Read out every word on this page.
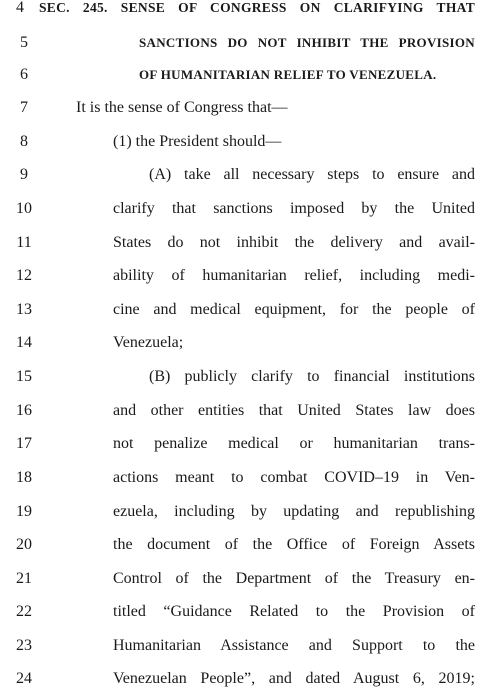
4 SEC. 245. SENSE OF CONGRESS ON CLARIFYING THAT
5	SANCTIONS DO NOT INHIBIT THE PROVISION
6	OF HUMANITARIAN RELIEF TO VENEZUELA.
7	It is the sense of Congress that—
8	(1) the President should—
9	(A) take all necessary steps to ensure and
10	clarify that sanctions imposed by the United
11	States do not inhibit the delivery and avail-
12	ability of humanitarian relief, including medi-
13	cine and medical equipment, for the people of
14	Venezuela;
15	(B) publicly clarify to financial institutions
16	and other entities that United States law does
17	not penalize medical or humanitarian trans-
18	actions meant to combat COVID–19 in Ven-
19	ezuela, including by updating and republishing
20	the document of the Office of Foreign Assets
21	Control of the Department of the Treasury en-
22	titled “Guidance Related to the Provision of
23	Humanitarian Assistance and Support to the
24	Venezuelan People”, and dated August 6, 2019;
